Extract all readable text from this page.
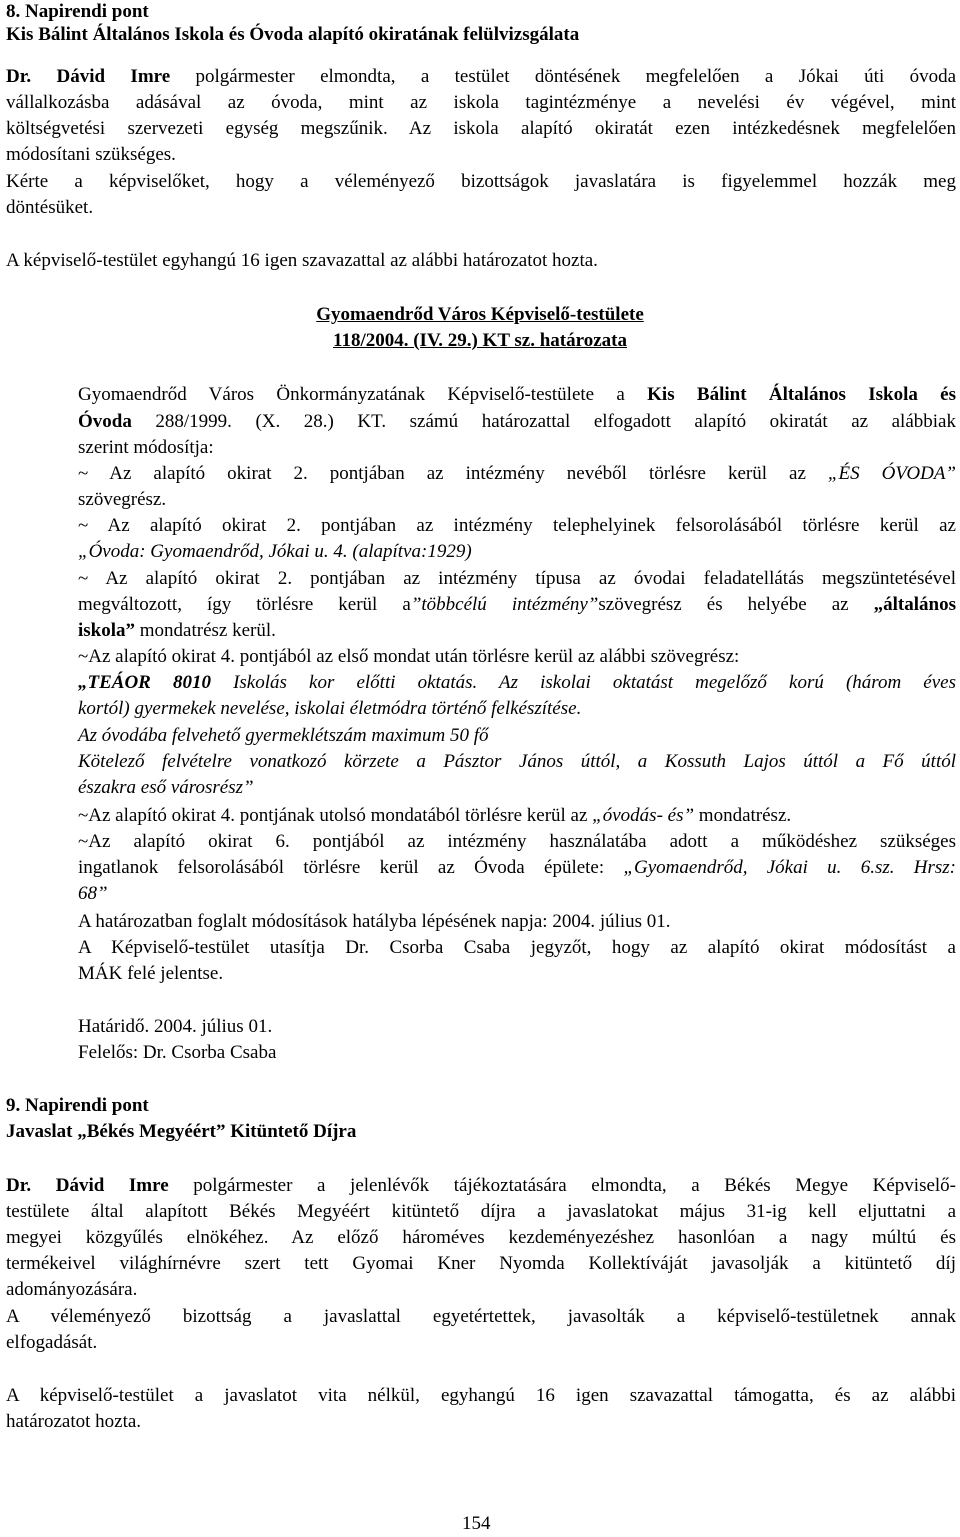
8. Napirendi pont
Kis Bálint Általános Iskola és Óvoda alapító okiratának felülvizsgálata
Dr. Dávid Imre polgármester elmondta, a testület döntésének megfelelően a Jókai úti óvoda
vállalkozásba adásával az óvoda, mint az iskola tagintézménye a nevelési év végével, mint
költségvetési szervezeti egység megszűnik. Az iskola alapító okiratát ezen intézkedésnek megfelelően
módosítani szükséges.
Kérte a képviselőket, hogy a véleményező bizottságok javaslatára is figyelemmel hozzák meg
döntésüket.
A képviselő-testület egyhangú 16 igen szavazattal az alábbi határozatot hozta.
Gyomaendrőd Város Képviselő-testülete
118/2004. (IV. 29.) KT sz. határozata
Gyomaendrőd Város Önkormányzatának Képviselő-testülete a Kis Bálint Általános Iskola és
Óvoda 288/1999. (X. 28.) KT. számú határozattal elfogadott alapító okiratát az alábbiak
szerint módosítja:
~ Az alapító okirat 2. pontjában az intézmény nevéből törlésre kerül az „ÉS ÓVODA”
szövegrész.
~ Az alapító okirat 2. pontjában az intézmény telephelyinek felsorolásából törlésre kerül az
„Óvoda: Gyomaendrőd, Jókai u. 4. (alapítva:1929)
~ Az alapító okirat 2. pontjában az intézmény típusa az óvodai feladatellátás megszüntetésével
megváltozott, így törlésre kerül a”többcélú intézmény”szövegrész és helyébe az „általános
iskola” mondatrész kerül.
~Az alapító okirat 4. pontjából az első mondat után törlésre kerül az alábbi szövegrész:
„TEÁOR 8010 Iskolás kor előtti oktatás. Az iskolai oktatást megelőző korú (három éves
kortól) gyermekek nevelése, iskolai életmódra történő felkészítése.
Az óvodába felvehető gyermeklétszám maximum 50 fő
Kötelező felvételre vonatkozó körzete a Pásztor János úttól, a Kossuth Lajos úttól a Fő úttól
északra eső városrész”
~Az alapító okirat 4. pontjának utolsó mondatából törlésre kerül az „óvodás- és” mondatrész.
~Az alapító okirat 6. pontjából az intézmény használatába adott a működéshez szükséges
ingatlanok felsorolásából törlésre kerül az Óvoda épülete: „Gyomaendrőd, Jókai u. 6.sz. Hrsz:
68”
A határozatban foglalt módosítások hatályba lépésének napja: 2004. július 01.
A Képviselő-testület utasítja Dr. Csorba Csaba jegyzőt, hogy az alapító okirat módosítást a
MÁK felé jelentse.
Határidő. 2004. július 01.
Felelős: Dr. Csorba Csaba
9. Napirendi pont
Javaslat „Békés Megyéért” Kitüntető Díjra
Dr. Dávid Imre polgármester a jelenlévők tájékoztatására elmondta, a Békés Megye Képviselő-
testülete által alapított Békés Megyéért kitüntető díjra a javaslatokat május 31-ig kell eljuttatni a
megyei közgyűlés elnökéhez. Az előző hároméves kezdeményezéshez hasonlóan a nagy múltú és
termékeivel világhírnévre szert tett Gyomai Kner Nyomda Kollektíváját javasolják a kitüntető díj
adományozására.
A véleményező bizottság a javaslattal egyetértettek, javasolták a képviselő-testületnek annak
elfogadását.
A képviselő-testület a javaslatot vita nélkül, egyhangú 16 igen szavazattal támogatta, és az alábbi
határozatot hozta.
154
